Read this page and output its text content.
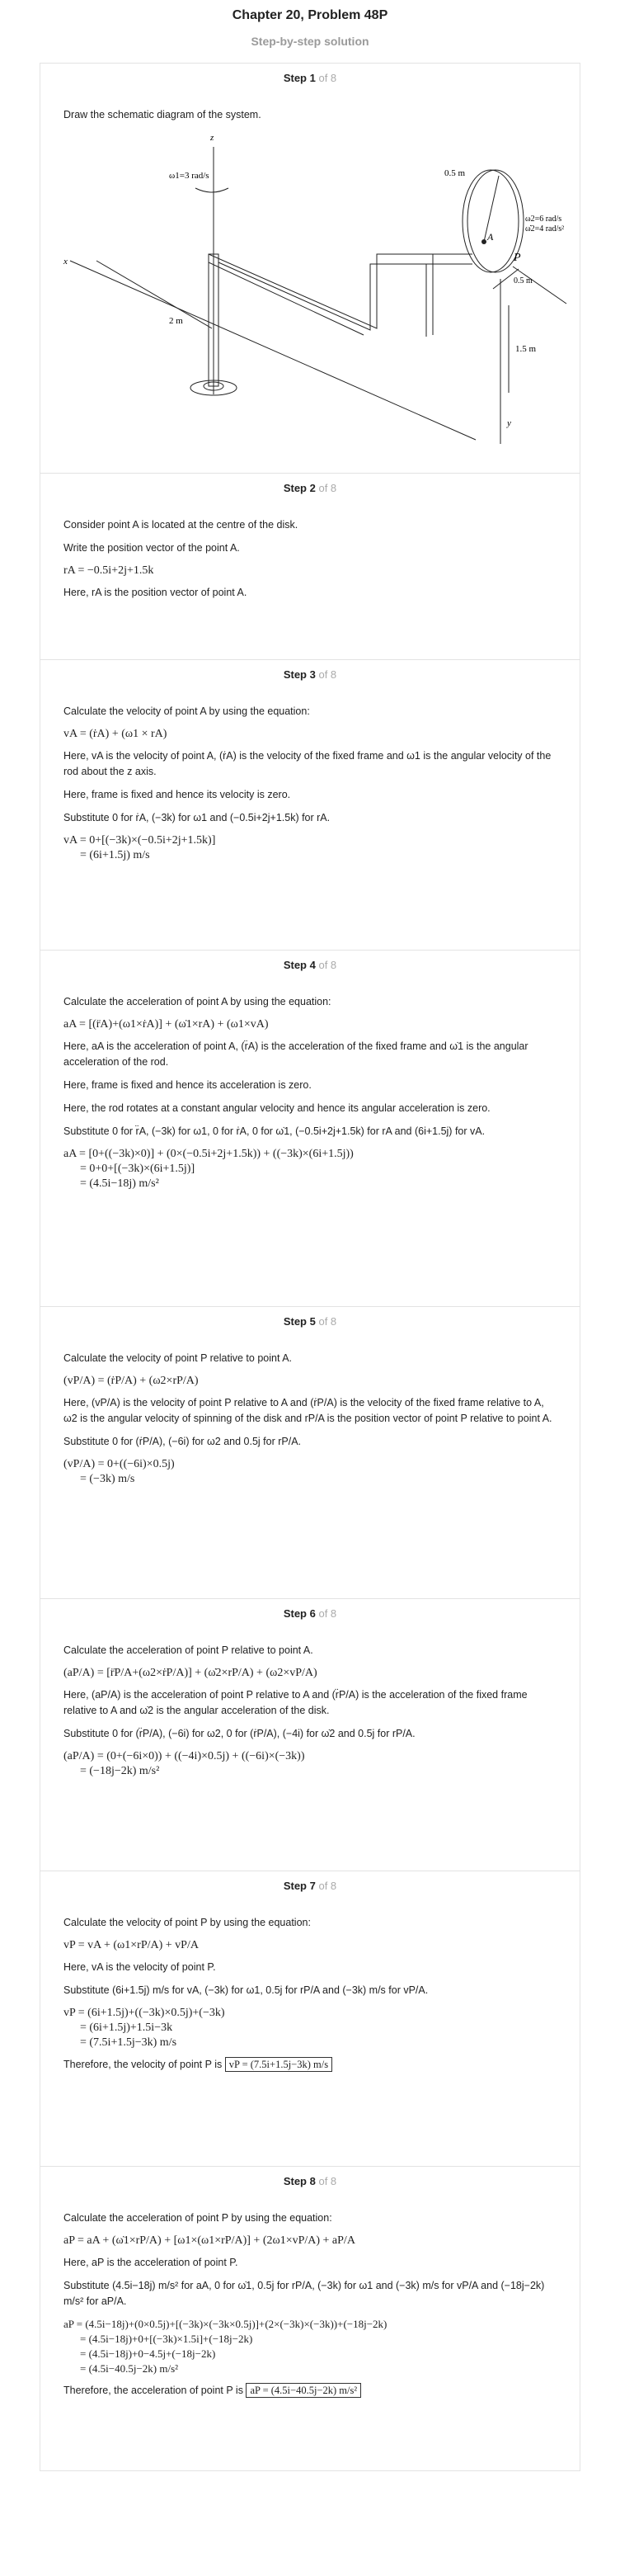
Chapter 20, Problem 48P
Step-by-step solution
Step 1 of 8

Draw the schematic diagram of the system.

z
x
A
0.5 m
P
ω2=6 rad/s
ω̇2=4 rad/s²
0.5 m
1.5 m
y
ω1=3 rad/s
2 m
Step 2 of 8

Consider point A is located at the centre of the disk.

Write the position vector of the point A.

rA = −0.5i+2j+1.5k

Here, rA is the position vector of point A.

Step 3 of 8

Calculate the velocity of point A by using the equation:

vA = (ṙA) + (ω1 × rA)

Here, vA is the velocity of point A, (ṙA) is the velocity of the fixed frame and ω1 is the angular velocity of the rod about the z axis.

Here, frame is fixed and hence its velocity is zero.

Substitute 0 for ṙA, (−3k) for ω1 and (−0.5i+2j+1.5k) for rA.

vA = 0+[(−3k)×(−0.5i+2j+1.5k)]
= (6i+1.5j) m/s
Step 4 of 8

Calculate the acceleration of point A by using the equation:

aA = [(r̈A)+(ω1×ṙA)] + (ω̇1×rA) + (ω1×vA)

Here, aA is the acceleration of point A, (r̈A) is the acceleration of the fixed frame and ω̇1 is the angular acceleration of the rod.

Here, frame is fixed and hence its acceleration is zero.

Here, the rod rotates at a constant angular velocity and hence its angular acceleration is zero.

Substitute 0 for r̈A, (−3k) for ω1, 0 for ṙA, 0 for ω̇1, (−0.5i+2j+1.5k) for rA and (6i+1.5j) for vA.

aA = [0+((−3k)×0)] + (0×(−0.5i+2j+1.5k)) + ((−3k)×(6i+1.5j))
= 0+0+[(−3k)×(6i+1.5j)]
= (4.5i−18j) m/s²
Step 5 of 8

Calculate the velocity of point P relative to point A.

(vP/A) = (ṙP/A) + (ω2×rP/A)

Here, (vP/A) is the velocity of point P relative to A and (ṙP/A) is the velocity of the fixed frame relative to A, ω2 is the angular velocity of spinning of the disk and rP/A is the position vector of point P relative to point A.

Substitute 0 for (ṙP/A), (−6i) for ω2 and 0.5j for rP/A.

(vP/A) = 0+((−6i)×0.5j)
= (−3k) m/s
Step 6 of 8

Calculate the acceleration of point P relative to point A.

(aP/A) = [r̈P/A+(ω2×ṙP/A)] + (ω̇2×rP/A) + (ω2×vP/A)

Here, (aP/A) is the acceleration of point P relative to A and (r̈P/A) is the acceleration of the fixed frame relative to A and ω̇2 is the angular acceleration of the disk.

Substitute 0 for (r̈P/A), (−6i) for ω2, 0 for (ṙP/A), (−4i) for ω̇2 and 0.5j for rP/A.

(aP/A) = (0+(−6i×0)) + ((−4i)×0.5j) + ((−6i)×(−3k))
= (−18j−2k) m/s²
Step 7 of 8

Calculate the velocity of point P by using the equation:

vP = vA + (ω1×rP/A) + vP/A

Here, vA is the velocity of point P.

Substitute (6i+1.5j) m/s for vA, (−3k) for ω1, 0.5j for rP/A and (−3k) m/s for vP/A.

vP = (6i+1.5j)+((−3k)×0.5j)+(−3k)
= (6i+1.5j)+1.5i−3k
= (7.5i+1.5j−3k) m/s

Therefore, the velocity of point P is vP = (7.5i+1.5j−3k) m/s

Step 8 of 8

Calculate the acceleration of point P by using the equation:

aP = aA + (ω̇1×rP/A) + [ω1×(ω1×rP/A)] + (2ω1×vP/A) + aP/A

Here, aP is the acceleration of point P.

Substitute (4.5i−18j) m/s² for aA, 0 for ω̇1, 0.5j for rP/A, (−3k) for ω1 and (−3k) m/s for vP/A and (−18j−2k) m/s² for aP/A.

aP = (4.5i−18j)+(0×0.5j)+[(−3k)×(−3k×0.5j)]+(2×(−3k)×(−3k))+(−18j−2k)
= (4.5i−18j)+0+[(−3k)×1.5i]+(−18j−2k)
= (4.5i−18j)+0−4.5j+(−18j−2k)
= (4.5i−40.5j−2k) m/s²

Therefore, the acceleration of point P is aP = (4.5i−40.5j−2k) m/s²
